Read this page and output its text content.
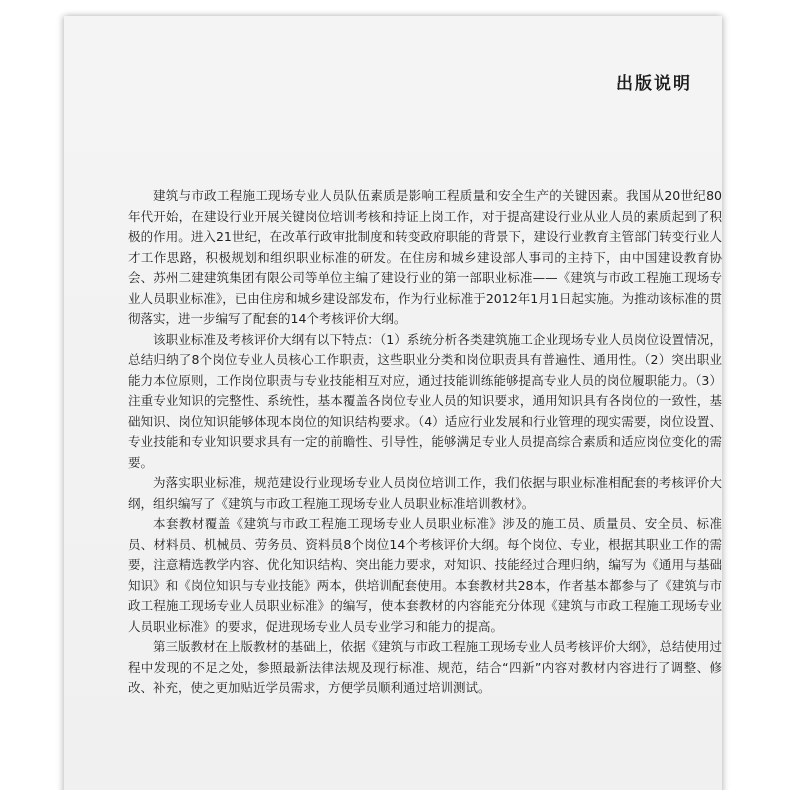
出版说明

建筑与市政工程施工现场专业人员队伍素质是影响工程质量和安全生产的关键因素。我国从20世纪80年代开始，在建设行业开展关键岗位培训考核和持证上岗工作，对于提高建设行业从业人员的素质起到了积极的作用。进入21世纪，在改革行政审批制度和转变政府职能的背景下，建设行业教育主管部门转变行业人才工作思路，积极规划和组织职业标准的研发。在住房和城乡建设部人事司的主持下，由中国建设教育协会、苏州二建建筑集团有限公司等单位主编了建设行业的第一部职业标准——《建筑与市政工程施工现场专业人员职业标准》，已由住房和城乡建设部发布，作为行业标准于2012年1月1日起实施。为推动该标准的贯彻落实，进一步编写了配套的14个考核评价大纲。

该职业标准及考核评价大纲有以下特点：（1）系统分析各类建筑施工企业现场专业人员岗位设置情况，总结归纳了8个岗位专业人员核心工作职责，这些职业分类和岗位职责具有普遍性、通用性。（2）突出职业能力本位原则，工作岗位职责与专业技能相互对应，通过技能训练能够提高专业人员的岗位履职能力。（3）注重专业知识的完整性、系统性，基本覆盖各岗位专业人员的知识要求，通用知识具有各岗位的一致性，基础知识、岗位知识能够体现本岗位的知识结构要求。（4）适应行业发展和行业管理的现实需要，岗位设置、专业技能和专业知识要求具有一定的前瞻性、引导性，能够满足专业人员提高综合素质和适应岗位变化的需要。

为落实职业标准，规范建设行业现场专业人员岗位培训工作，我们依据与职业标准相配套的考核评价大纲，组织编写了《建筑与市政工程施工现场专业人员职业标准培训教材》。

本套教材覆盖《建筑与市政工程施工现场专业人员职业标准》涉及的施工员、质量员、安全员、标准员、材料员、机械员、劳务员、资料员8个岗位14个考核评价大纲。每个岗位、专业，根据其职业工作的需要，注意精选教学内容、优化知识结构、突出能力要求，对知识、技能经过合理归纳，编写为《通用与基础知识》和《岗位知识与专业技能》两本，供培训配套使用。本套教材共28本，作者基本都参与了《建筑与市政工程施工现场专业人员职业标准》的编写，使本套教材的内容能充分体现《建筑与市政工程施工现场专业人员职业标准》的要求，促进现场专业人员专业学习和能力的提高。

第三版教材在上版教材的基础上，依据《建筑与市政工程施工现场专业人员考核评价大纲》，总结使用过程中发现的不足之处，参照最新法律法规及现行标准、规范，结合“四新”内容对教材内容进行了调整、修改、补充，使之更加贴近学员需求，方便学员顺利通过培训测试。
